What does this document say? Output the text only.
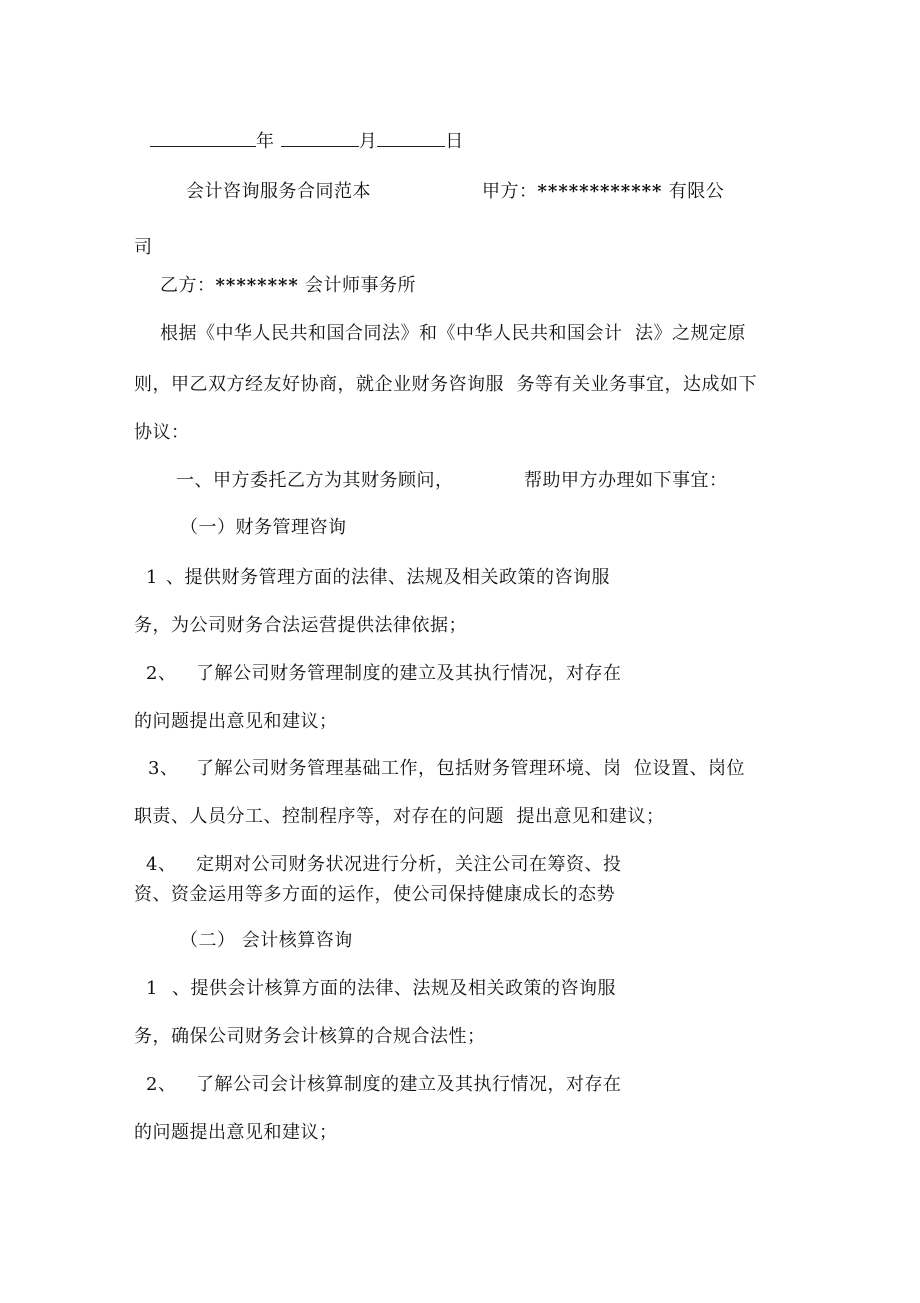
年	月	日
会计咨询服务合同范本	甲方：************ 有限公
司
乙方：******** 会计师事务所
根据《中华人民共和国合同法》和《中华人民共和国会计  法》之规定原
则，甲乙双方经友好协商，就企业财务咨询服  务等有关业务事宜，达成如下
协议：
一、甲方委托乙方为其财务顾问，	帮助甲方办理如下事宜：
（一）财务管理咨询
1 、提供财务管理方面的法律、法规及相关政策的咨询服
务，为公司财务合法运营提供法律依据；
2、 了解公司财务管理制度的建立及其执行情况，对存在
的问题提出意见和建议；
3、 了解公司财务管理基础工作，包括财务管理环境、岗  位设置、岗位
职责、人员分工、控制程序等，对存在的问题  提出意见和建议；
4、 定期对公司财务状况进行分析，关注公司在筹资、投
资、资金运用等多方面的运作，使公司保持健康成长的态势
（二） 会计核算咨询
1 、提供会计核算方面的法律、法规及相关政策的咨询服
务，确保公司财务会计核算的合规合法性；
2、 了解公司会计核算制度的建立及其执行情况，对存在
的问题提出意见和建议；
